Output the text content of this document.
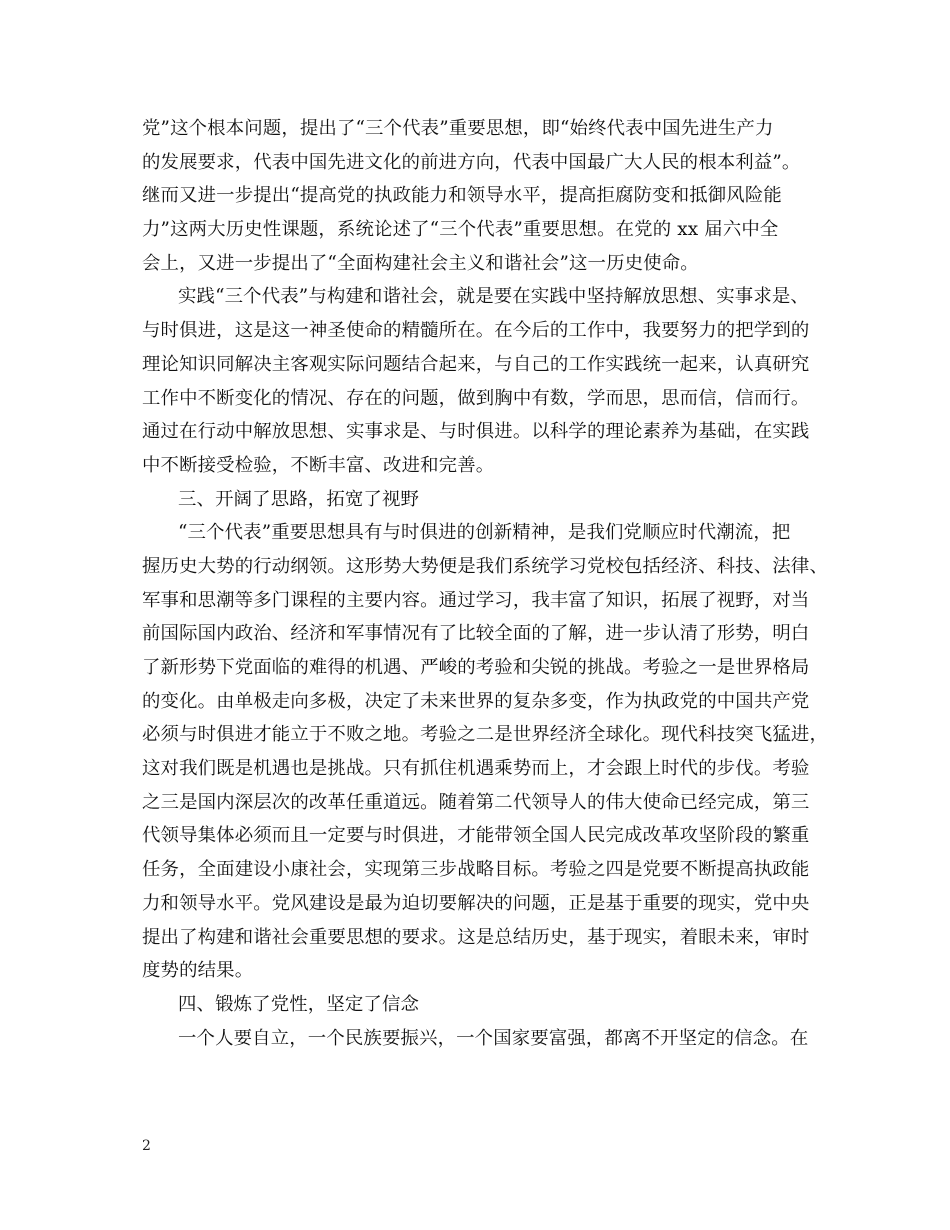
党”这个根本问题，提出了“三个代表”重要思想，即“始终代表中国先进生产力
的发展要求，代表中国先进文化的前进方向，代表中国最广大人民的根本利益”。
继而又进一步提出“提高党的执政能力和领导水平，提高拒腐防变和抵御风险能
力”这两大历史性课题，系统论述了“三个代表”重要思想。在党的 xx 届六中全
会上，又进一步提出了“全面构建社会主义和谐社会”这一历史使命。
实践“三个代表”与构建和谐社会，就是要在实践中坚持解放思想、实事求是、
与时俱进，这是这一神圣使命的精髓所在。在今后的工作中，我要努力的把学到的
理论知识同解决主客观实际问题结合起来，与自己的工作实践统一起来，认真研究
工作中不断变化的情况、存在的问题，做到胸中有数，学而思，思而信，信而行。
通过在行动中解放思想、实事求是、与时俱进。以科学的理论素养为基础，在实践
中不断接受检验，不断丰富、改进和完善。
三、开阔了思路，拓宽了视野
“三个代表”重要思想具有与时俱进的创新精神，是我们党顺应时代潮流，把
握历史大势的行动纲领。这形势大势便是我们系统学习党校包括经济、科技、法律、
军事和思潮等多门课程的主要内容。通过学习，我丰富了知识，拓展了视野，对当
前国际国内政治、经济和军事情况有了比较全面的了解，进一步认清了形势，明白
了新形势下党面临的难得的机遇、严峻的考验和尖锐的挑战。考验之一是世界格局
的变化。由单极走向多极，决定了未来世界的复杂多变，作为执政党的中国共产党
必须与时俱进才能立于不败之地。考验之二是世界经济全球化。现代科技突飞猛进，
这对我们既是机遇也是挑战。只有抓住机遇乘势而上，才会跟上时代的步伐。考验
之三是国内深层次的改革任重道远。随着第二代领导人的伟大使命已经完成，第三
代领导集体必须而且一定要与时俱进，才能带领全国人民完成改革攻坚阶段的繁重
任务，全面建设小康社会，实现第三步战略目标。考验之四是党要不断提高执政能
力和领导水平。党风建设是最为迫切要解决的问题，正是基于重要的现实，党中央
提出了构建和谐社会重要思想的要求。这是总结历史，基于现实，着眼未来，审时
度势的结果。
四、锻炼了党性，坚定了信念
一个人要自立，一个民族要振兴，一个国家要富强，都离不开坚定的信念。在
2
